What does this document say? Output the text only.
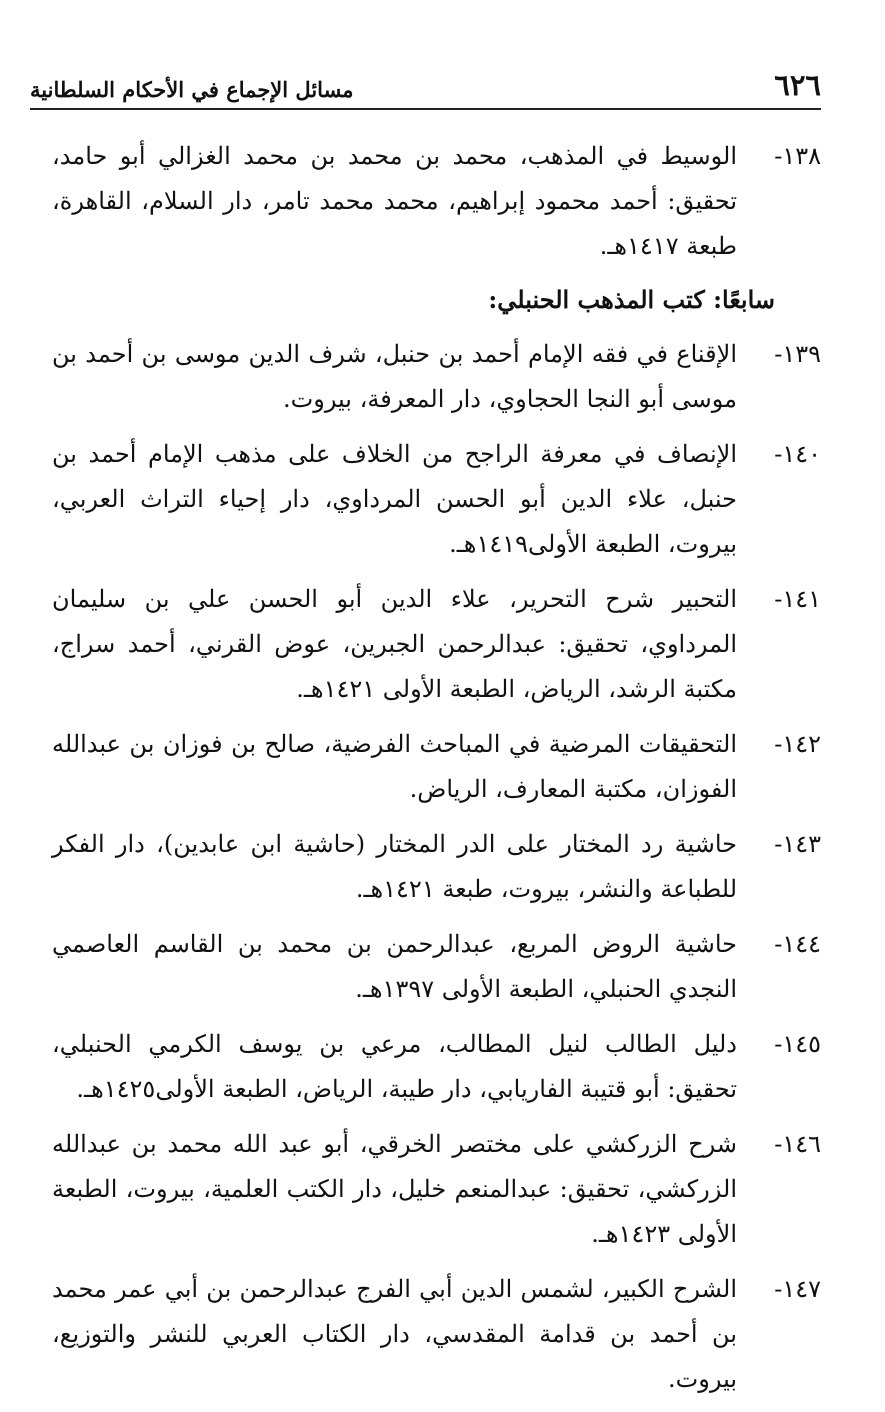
٦٢٦
مسائل الإجماع في الأحكام السلطانية
١٣٨-
الوسيط في المذهب، محمد بن محمد بن محمد الغزالي أبو حامد، تحقيق: أحمد محمود إبراهيم، محمد محمد تامر، دار السلام، القاهرة، طبعة ١٤١٧هـ.
سابعًا: كتب المذهب الحنبلي:
١٣٩-
الإقناع في فقه الإمام أحمد بن حنبل، شرف الدين موسى بن أحمد بن موسى أبو النجا الحجاوي، دار المعرفة، بيروت.
١٤٠-
الإنصاف في معرفة الراجح من الخلاف على مذهب الإمام أحمد بن حنبل، علاء الدين أبو الحسن المرداوي، دار إحياء التراث العربي، بيروت، الطبعة الأولى١٤١٩هـ.
١٤١-
التحبير شرح التحرير، علاء الدين أبو الحسن علي بن سليمان المرداوي، تحقيق: عبدالرحمن الجبرين، عوض القرني، أحمد سراج، مكتبة الرشد، الرياض، الطبعة الأولى ١٤٢١هـ.
١٤٢-
التحقيقات المرضية في المباحث الفرضية، صالح بن فوزان بن عبدالله الفوزان، مكتبة المعارف، الرياض.
١٤٣-
حاشية رد المختار على الدر المختار (حاشية ابن عابدين)، دار الفكر للطباعة والنشر، بيروت، طبعة ١٤٢١هـ.
١٤٤-
حاشية الروض المربع، عبدالرحمن بن محمد بن القاسم العاصمي النجدي الحنبلي، الطبعة الأولى ١٣٩٧هـ.
١٤٥-
دليل الطالب لنيل المطالب، مرعي بن يوسف الكرمي الحنبلي، تحقيق: أبو قتيبة الفاريابي، دار طيبة، الرياض، الطبعة الأولى١٤٢٥هـ.
١٤٦-
شرح الزركشي على مختصر الخرقي، أبو عبد الله محمد بن عبدالله الزركشي، تحقيق: عبدالمنعم خليل، دار الكتب العلمية، بيروت، الطبعة الأولى ١٤٢٣هـ.
١٤٧-
الشرح الكبير، لشمس الدين أبي الفرج عبدالرحمن بن أبي عمر محمد بن أحمد بن قدامة المقدسي، دار الكتاب العربي للنشر والتوزيع، بيروت.
